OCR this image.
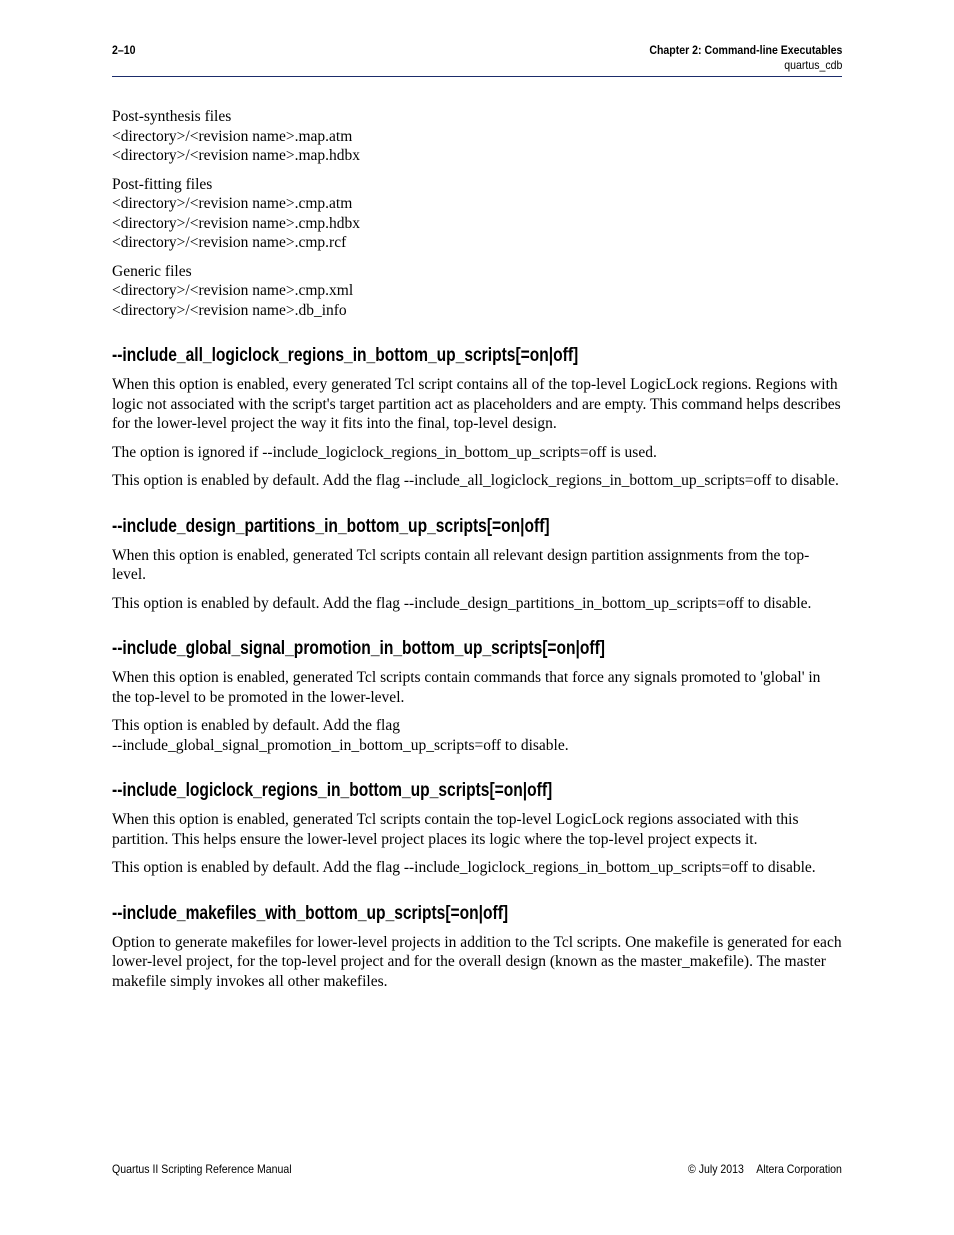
2–10	Chapter 2: Command-line Executables
quartus_cdb
Post-synthesis files
<directory>/<revision name>.map.atm
<directory>/<revision name>.map.hdbx
Post-fitting files
<directory>/<revision name>.cmp.atm
<directory>/<revision name>.cmp.hdbx
<directory>/<revision name>.cmp.rcf
Generic files
<directory>/<revision name>.cmp.xml
<directory>/<revision name>.db_info
--include_all_logiclock_regions_in_bottom_up_scripts[=on|off]

When this option is enabled, every generated Tcl script contains all of the top-level LogicLock regions. Regions with logic not associated with the script's target partition act as placeholders and are empty. This command helps describes for the lower-level project the way it fits into the final, top-level design.

The option is ignored if --include_logiclock_regions_in_bottom_up_scripts=off is used.

This option is enabled by default. Add the flag --include_all_logiclock_regions_in_bottom_up_scripts=off to disable.

--include_design_partitions_in_bottom_up_scripts[=on|off]

When this option is enabled, generated Tcl scripts contain all relevant design partition assignments from the top-level.

This option is enabled by default. Add the flag --include_design_partitions_in_bottom_up_scripts=off to disable.

--include_global_signal_promotion_in_bottom_up_scripts[=on|off]

When this option is enabled, generated Tcl scripts contain commands that force any signals promoted to 'global' in the top-level to be promoted in the lower-level.

This option is enabled by default. Add the flag
--include_global_signal_promotion_in_bottom_up_scripts=off to disable.

--include_logiclock_regions_in_bottom_up_scripts[=on|off]

When this option is enabled, generated Tcl scripts contain the top-level LogicLock regions associated with this partition. This helps ensure the lower-level project places its logic where the top-level project expects it.

This option is enabled by default. Add the flag --include_logiclock_regions_in_bottom_up_scripts=off to disable.

--include_makefiles_with_bottom_up_scripts[=on|off]

Option to generate makefiles for lower-level projects in addition to the Tcl scripts. One makefile is generated for each lower-level project, for the top-level project and for the overall design (known as the master_makefile). The master makefile simply invokes all other makefiles.

Quartus II Scripting Reference Manual	© July 2013 Altera Corporation
